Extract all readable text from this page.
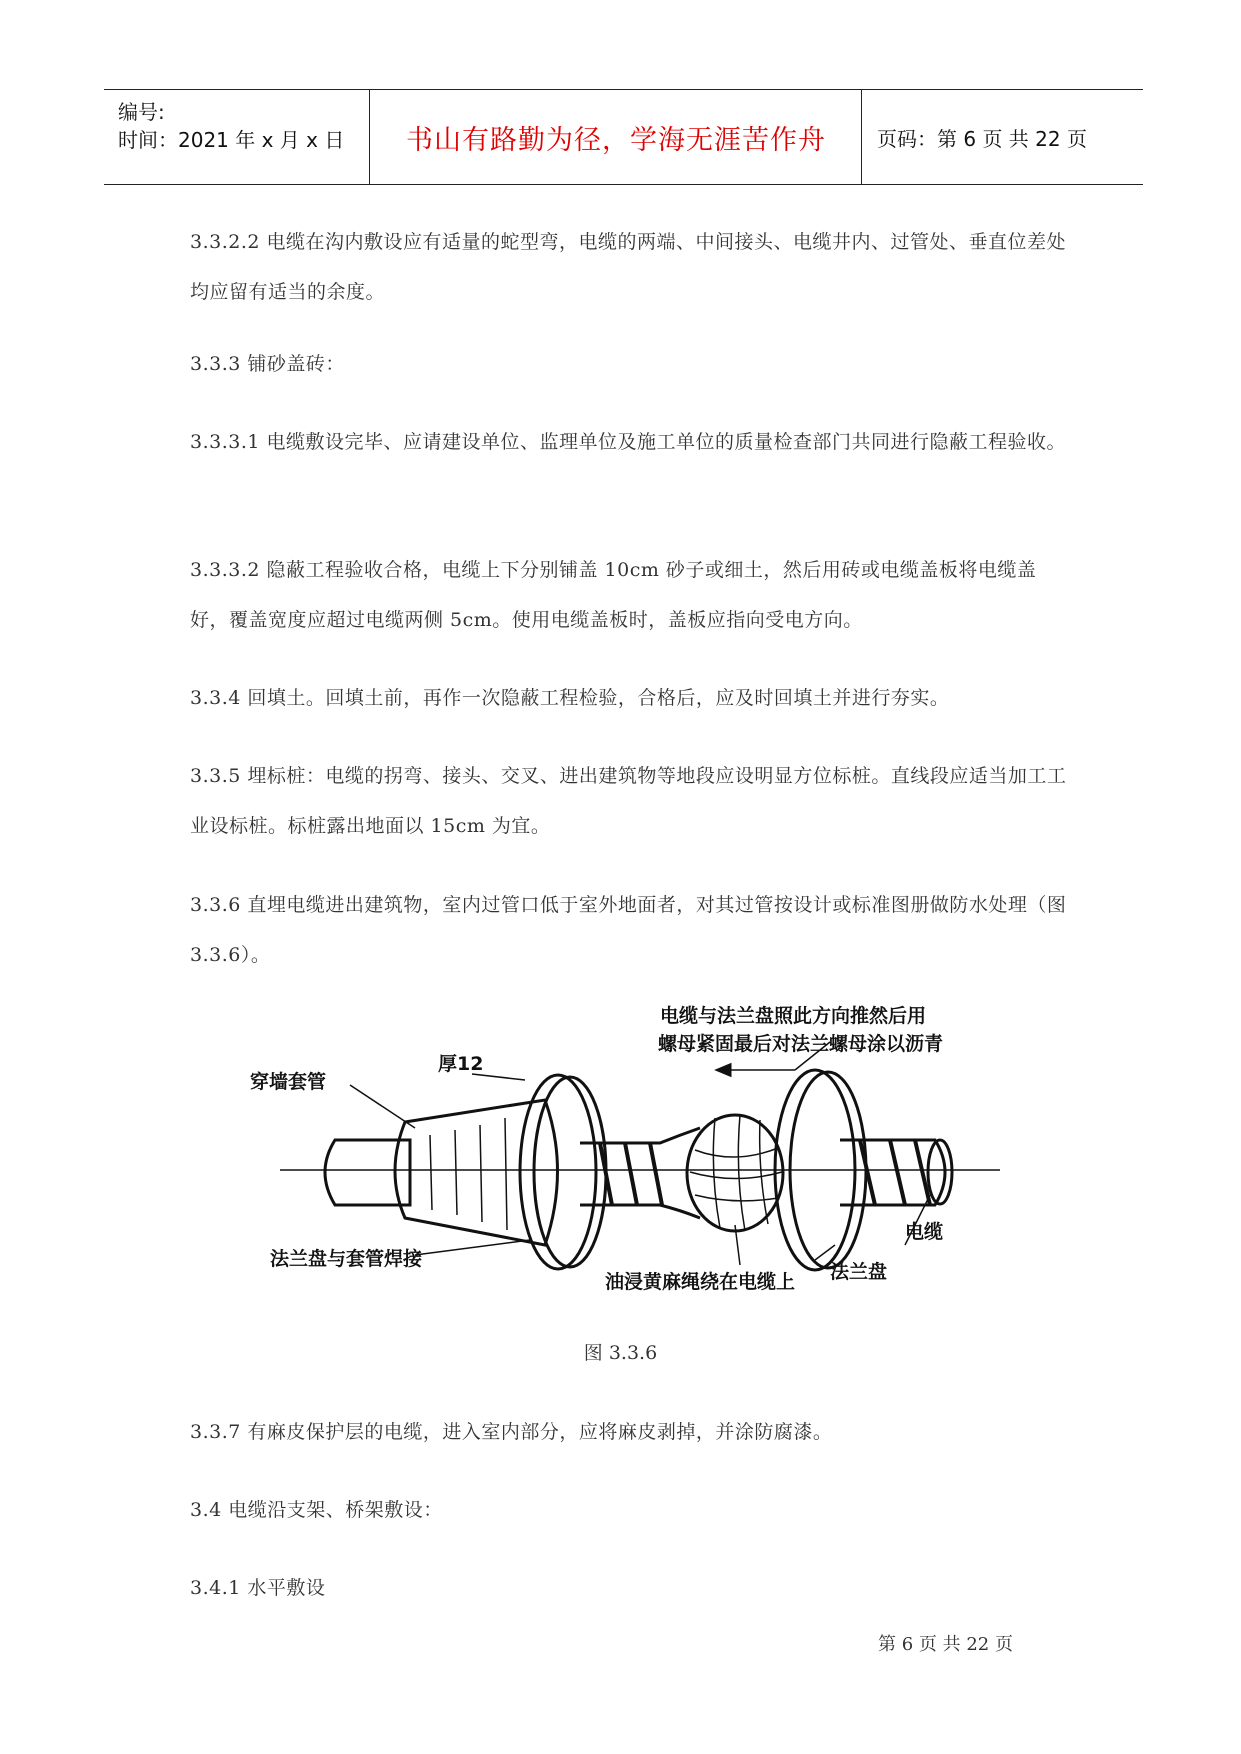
编号:
时间：2021 年 x 月 x 日 书山有路勤为径，学海无涯苦作舟	页码：第 6 页 共 22 页
3.3.2.2 电缆在沟内敷设应有适量的蛇型弯，电缆的两端、中间接头、电缆井内、过管处、垂直位差处均应留有适当的余度。
3.3.3 铺砂盖砖：
3.3.3.1 电缆敷设完毕、应请建设单位、监理单位及施工单位的质量检查部门共同进行隐蔽工程验收。
3.3.3.2 隐蔽工程验收合格，电缆上下分别铺盖 10cm 砂子或细土，然后用砖或电缆盖板将电缆盖好，覆盖宽度应超过电缆两侧 5cm。使用电缆盖板时，盖板应指向受电方向。
3.3.4 回填土。回填土前，再作一次隐蔽工程检验，合格后，应及时回填土并进行夯实。
3.3.5 埋标桩：电缆的拐弯、接头、交叉、进出建筑物等地段应设明显方位标桩。直线段应适当加工工业设标桩。标桩露出地面以 15cm 为宜。
3.3.6 直埋电缆进出建筑物，室内过管口低于室外地面者，对其过管按设计或标准图册做防水处理（图 3.3.6）。
穿墙套管
厚12
电缆与法兰盘照此方向推然后用
螺母紧固最后对法兰螺母涂以沥青
法兰盘与套管焊接
油浸黄麻绳绕在电缆上 法兰盘
电缆
图 3.3.6
3.3.7 有麻皮保护层的电缆，进入室内部分，应将麻皮剥掉，并涂防腐漆。
3.4 电缆沿支架、桥架敷设：
3.4.1 水平敷设
第 6 页 共 22 页
